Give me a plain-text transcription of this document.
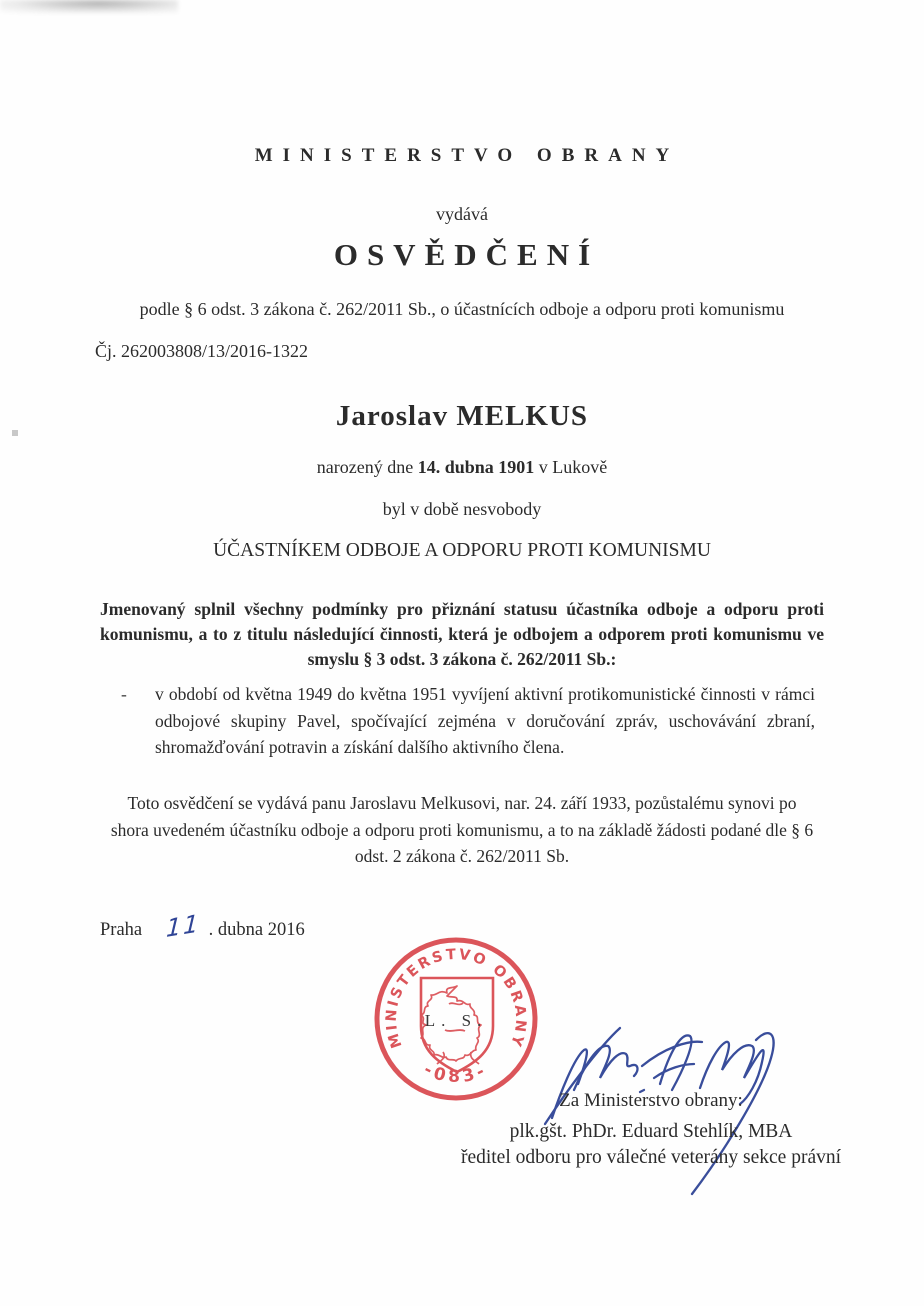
MINISTERSTVO OBRANY
vydává
OSVĚDČENÍ
podle § 6 odst. 3 zákona č. 262/2011 Sb., o účastnících odboje a odporu proti komunismu
Čj. 262003808/13/2016-1322
Jaroslav MELKUS
narozený dne 14. dubna 1901 v Lukově
byl v době nesvobody
ÚČASTNÍKEM ODBOJE A ODPORU PROTI KOMUNISMU
Jmenovaný splnil všechny podmínky pro přiznání statusu účastníka odboje a odporu proti komunismu, a to z titulu následující činnosti, která je odbojem a odporem proti komunismu ve smyslu § 3 odst. 3 zákona č. 262/2011 Sb.:
-	v období od května 1949 do května 1951 vyvíjení aktivní protikomunistické činnosti v rámci odbojové skupiny Pavel, spočívající zejména v doručování zpráv, uschovávání zbraní, shromažďování potravin a získání dalšího aktivního člena.
Toto osvědčení se vydává panu Jaroslavu Melkusovi, nar. 24. září 1933, pozůstalému synovi po shora uvedeném účastníku odboje a odporu proti komunismu, a to na základě žádosti podané dle § 6 odst. 2 zákona č. 262/2011 Sb.
Praha 11 . dubna 2016
MINISTERSTVO OBRANY
-083-
L. S.
Za Ministerstvo obrany:
plk.gšt. PhDr. Eduard Stehlík, MBA
ředitel odboru pro válečné veterány sekce právní
